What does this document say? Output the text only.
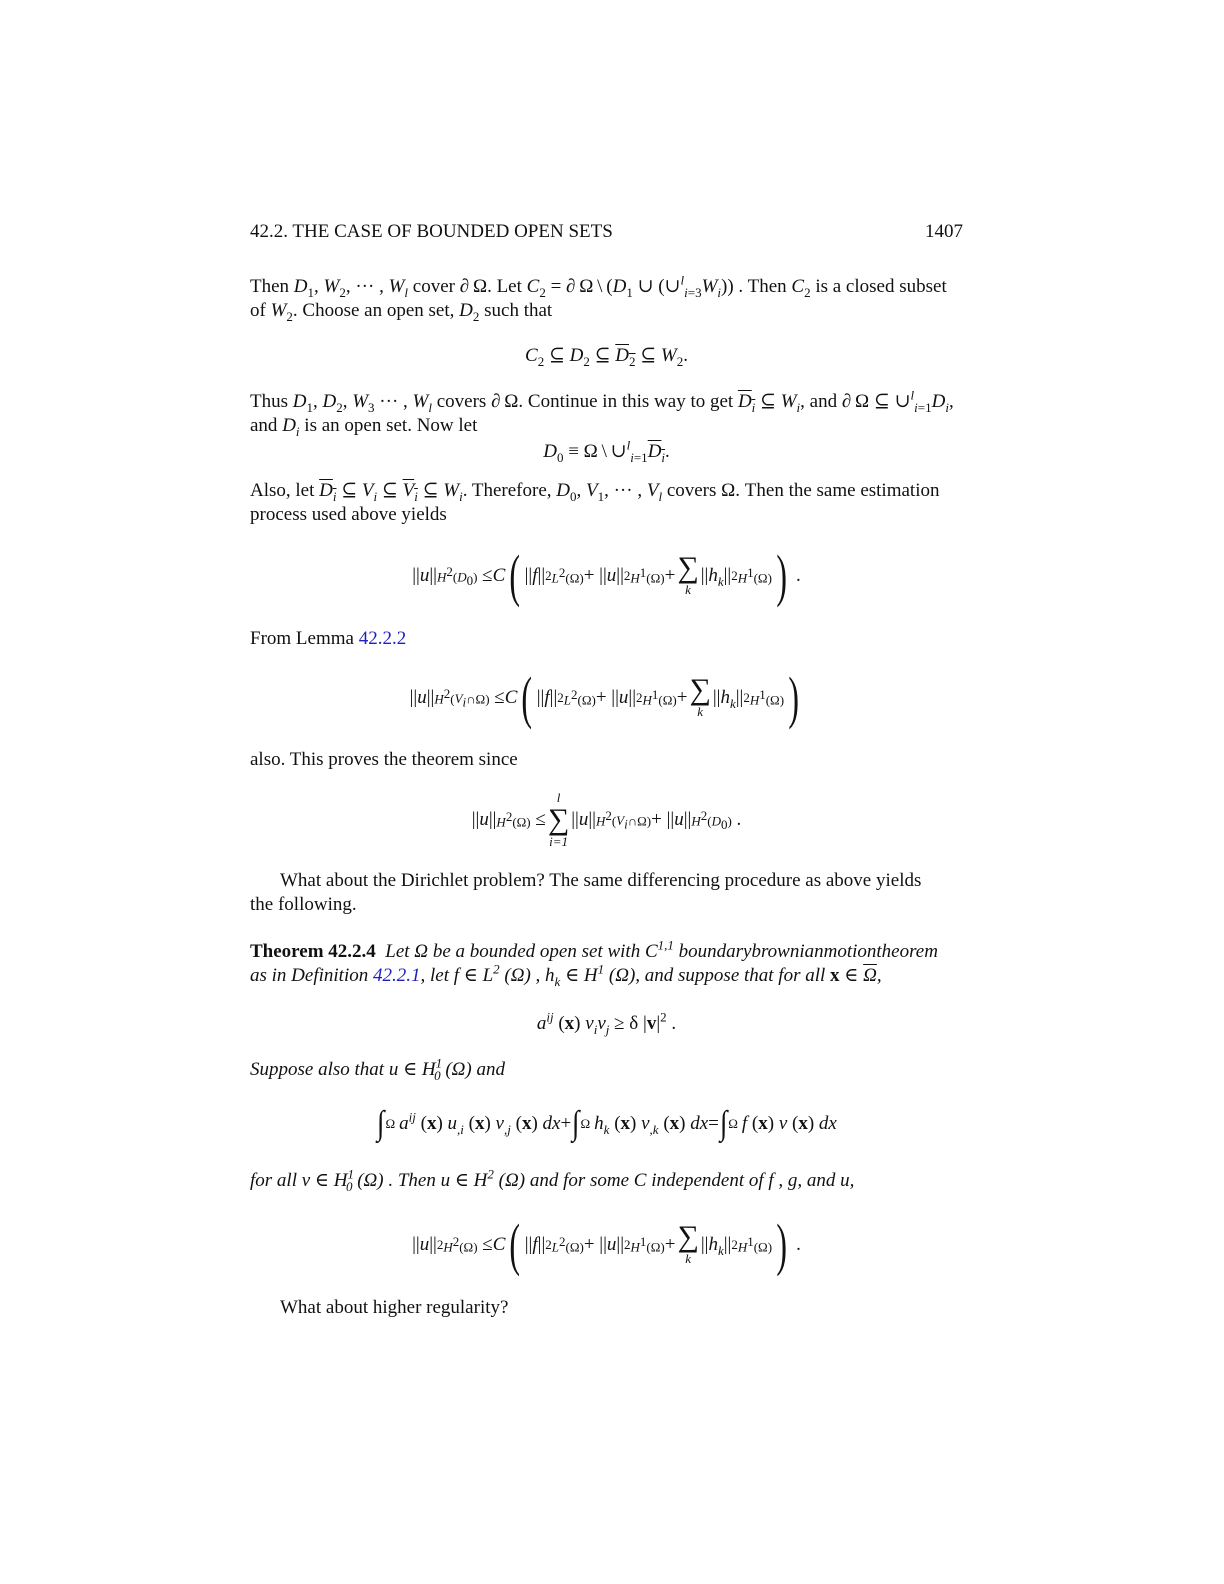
42.2. THE CASE OF BOUNDED OPEN SETS	1407
Then $D_1$, $W_2$, ··· , $W_l$ cover ∂ Ω. Let $C_2$ = ∂ Ω \ ($D_1$ ∪ $(\cup^l_{i=3}W_i)$) . Then $C_2$ is a closed subset
of $W_2$. Choose an open set, $D_2$ such that
$C_2$ ⊆ $D_2$ ⊆ $D_2$ ⊆ $W_2$.
Thus $D_1$, $D_2$, $W_3$ ··· , $W_l$ covers ∂ Ω. Continue in this way to get $D_i$ ⊆ $W_i$, and ∂ Ω ⊆ $\cup^l_{i=1}D_i$,
and $D_i$ is an open set. Now let
$D_0 \equiv \Omega$ \ $\cup^l_{i=1}D_i$.
Also, let $D_i$ ⊆ $V_i$ ⊆ $V_i$ ⊆ $W_i$. Therefore, $D_0$, $V_1$, ··· , $V_l$ covers Ω. Then the same estimation
process used above yields
|| u || $H^2(D_0) \le C$ ( || f || 2 $L^2(\Omega)$ + || u || 2 $H^1(\Omega)$ + ∑
k
|| $h_k$ || 2 $H^1(\Omega)$ ) .
From Lemma 42.2.2
|| u || $H^2(V_i\cap\Omega) \le C$ ( || f || 2 $L^2(\Omega)$ + || u || 2 $H^1(\Omega)$ + ∑
k
|| $h_k$ || 2 $H^1(\Omega)$ )
also. This proves the theorem since
|| u || $H^2(\Omega)$ ≤
l
∑
i=1
|| u || $H^2(V_i\cap\Omega)$ + || u || $H^2(D_0)$ .
What about the Dirichlet problem? The same differencing procedure as above yields
the following.
Theorem 42.2.4 Let Ω be a bounded open set with C$^{1,1}$ boundarybrownianmotiontheorem
as in Definition 42.2.1, let f ∈ $L^2$ (Ω) , $h_k$ ∈ $H^1$ (Ω), and suppose that for all x ∈ $\overline{\Omega}$,
$a^{ij}$ (x) $v_iv_j \ge \delta$ $|v|^2$ .
Suppose also that u ∈ $H^1_0$ (Ω) and
∫ Ω $a^{ij}$ ( x ) $u_{,i}$ ( x ) $v_{,j}$ ( x ) dx + ∫ Ω $h_k$ ( x ) $v_{,k}$ ( x ) dx = ∫ Ω f ( x ) v ( x ) dx
for all v ∈ $H^1_0$ (Ω) . Then u ∈ $H^2$ (Ω) and for some C independent of f , g, and u,
|| u || 2 $H^2(\Omega) \le C$ ( || f || 2 $L^2(\Omega)$ + || u || 2 $H^1(\Omega)$ + ∑
k
|| $h_k$ || 2 $H^1(\Omega)$ ) .
What about higher regularity?
